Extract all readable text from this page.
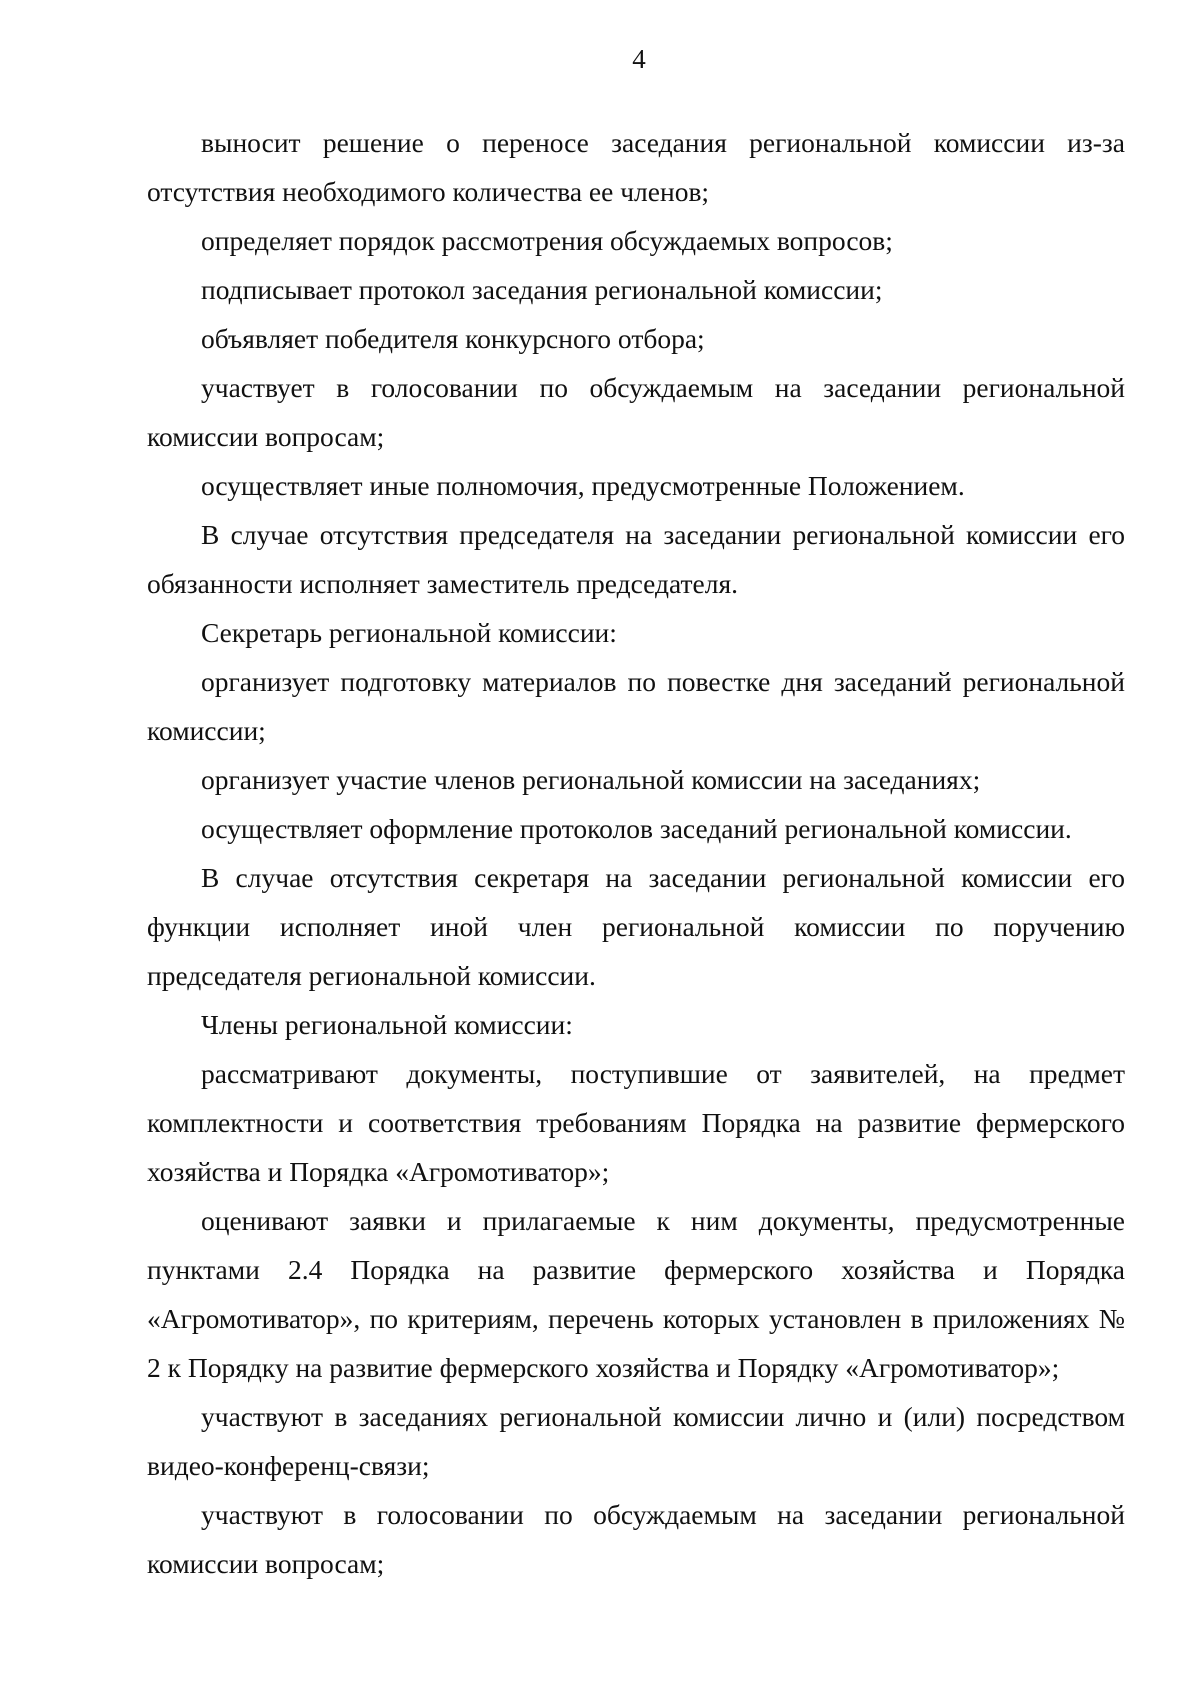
4

выносит решение о переносе заседания региональной комиссии из-за отсутствия необходимого количества ее членов;

определяет порядок рассмотрения обсуждаемых вопросов;

подписывает протокол заседания региональной комиссии;

объявляет победителя конкурсного отбора;

участвует в голосовании по обсуждаемым на заседании региональной комиссии вопросам;

осуществляет иные полномочия, предусмотренные Положением.

В случае отсутствия председателя на заседании региональной комиссии его обязанности исполняет заместитель председателя.

Секретарь региональной комиссии:

организует подготовку материалов по повестке дня заседаний региональной комиссии;

организует участие членов региональной комиссии на заседаниях;

осуществляет оформление протоколов заседаний региональной комиссии.

В случае отсутствия секретаря на заседании региональной комиссии его функции исполняет иной член региональной комиссии по поручению председателя региональной комиссии.

Члены региональной комиссии:

рассматривают документы, поступившие от заявителей, на предмет комплектности и соответствия требованиям Порядка на развитие фермерского хозяйства и Порядка «Агромотиватор»;

оценивают заявки и прилагаемые к ним документы, предусмотренные пунктами 2.4 Порядка на развитие фермерского хозяйства и Порядка «Агромотиватор», по критериям, перечень которых установлен в приложениях № 2 к Порядку на развитие фермерского хозяйства и Порядку «Агромотиватор»;

участвуют в заседаниях региональной комиссии лично и (или) посредством видео-конференц-связи;

участвуют в голосовании по обсуждаемым на заседании региональной комиссии вопросам;
